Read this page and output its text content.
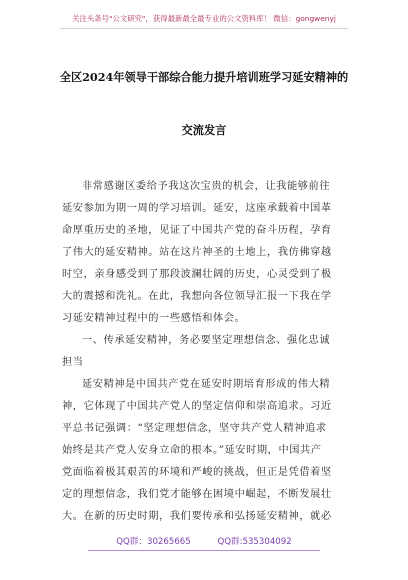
关注头条号"公文研究"，获得最新最全最专业的公文资料库！ 微信：gongwenyj
全区2024年领导干部综合能力提升培训班学习延安精神的
交流发言
非常感谢区委给予我这次宝贵的机会，让我能够前往
延安参加为期一周的学习培训。延安，这座承载着中国革
命厚重历史的圣地，见证了中国共产党的奋斗历程，孕育
了伟大的延安精神。站在这片神圣的土地上，我仿佛穿越
时空，亲身感受到了那段波澜壮阔的历史，心灵受到了极
大的震撼和洗礼。在此，我想向各位领导汇报一下我在学
习延安精神过程中的一些感悟和体会。
一、传承延安精神，务必要坚定理想信念、强化忠诚
担当
延安精神是中国共产党在延安时期培育形成的伟大精
神，它体现了中国共产党人的坚定信仰和崇高追求。习近
平总书记强调：“坚定理想信念，坚守共产党人精神追求
始终是共产党人安身立命的根本。”延安时期，中国共产
党面临着极其艰苦的环境和严峻的挑战，但正是凭借着坚
定的理想信念，我们党才能够在困境中崛起，不断发展壮
大。在新的历史时期，我们要传承和弘扬延安精神，就必
QQ群：30265665	QQ群:535304092
